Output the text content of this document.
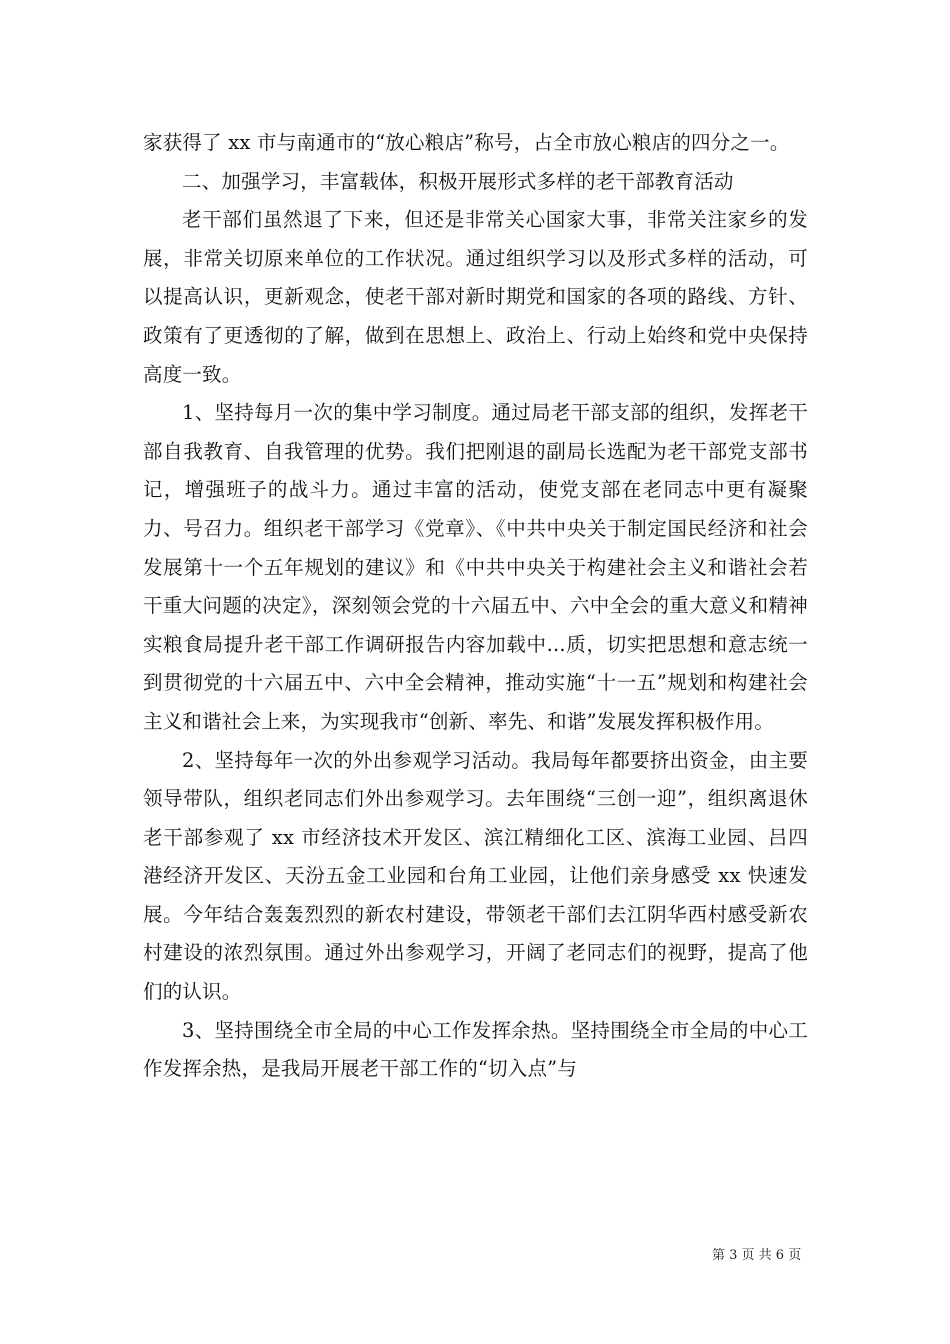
家获得了 xx 市与南通市的“放心粮店”称号，占全市放心粮店的四分之一。

二、加强学习，丰富载体，积极开展形式多样的老干部教育活动

老干部们虽然退了下来，但还是非常关心国家大事，非常关注家乡的发展，非常关切原来单位的工作状况。通过组织学习以及形式多样的活动，可以提高认识，更新观念，使老干部对新时期党和国家的各项的路线、方针、政策有了更透彻的了解，做到在思想上、政治上、行动上始终和党中央保持高度一致。

1、坚持每月一次的集中学习制度。通过局老干部支部的组织，发挥老干部自我教育、自我管理的优势。我们把刚退的副局长选配为老干部党支部书记，增强班子的战斗力。通过丰富的活动，使党支部在老同志中更有凝聚力、号召力。组织老干部学习《党章》、《中共中央关于制定国民经济和社会发展第十一个五年规划的建议》和《中共中央关于构建社会主义和谐社会若干重大问题的决定》，深刻领会党的十六届五中、六中全会的重大意义和精神实粮食局提升老干部工作调研报告内容加载中...质，切实把思想和意志统一到贯彻党的十六届五中、六中全会精神，推动实施“十一五”规划和构建社会主义和谐社会上来，为实现我市“创新、率先、和谐”发展发挥积极作用。

2、坚持每年一次的外出参观学习活动。我局每年都要挤出资金，由主要领导带队，组织老同志们外出参观学习。去年围绕“三创一迎”，组织离退休老干部参观了 xx 市经济技术开发区、滨江精细化工区、滨海工业园、吕四港经济开发区、天汾五金工业园和台角工业园，让他们亲身感受 xx 快速发展。今年结合轰轰烈烈的新农村建设，带领老干部们去江阴华西村感受新农村建设的浓烈氛围。通过外出参观学习，开阔了老同志们的视野，提高了他们的认识。

3、坚持围绕全市全局的中心工作发挥余热。坚持围绕全市全局的中心工作发挥余热，是我局开展老干部工作的“切入点”与

第 3 页 共 6 页
